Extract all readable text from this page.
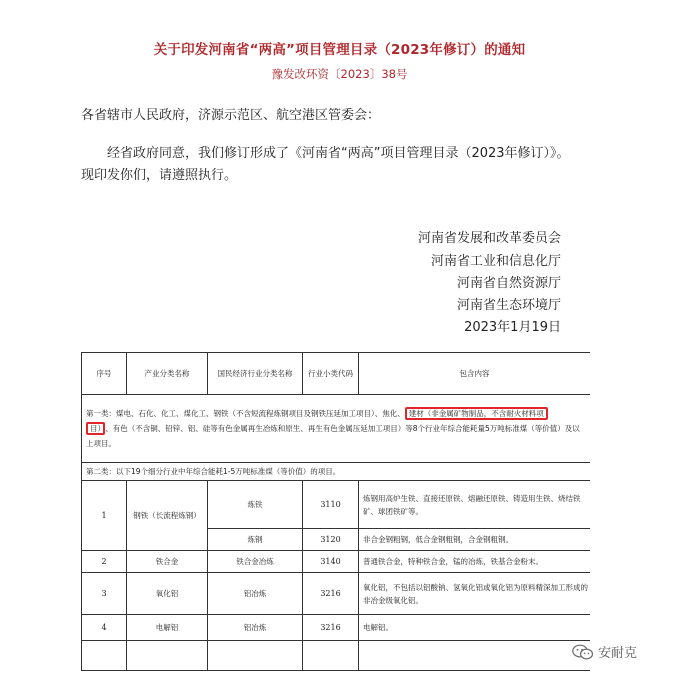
关于印发河南省“两高”项目管理目录（2023年修订）的通知
豫发改环资〔2023〕38号
各省辖市人民政府，济源示范区、航空港区管委会：
经省政府同意，我们修订形成了《河南省“两高”项目管理目录（2023年修订）》。现印发你们，请遵照执行。
河南省发展和改革委员会
河南省工业和信息化厅
河南省自然资源厅
河南省生态环境厅
2023年1月19日
序号	产业分类名称	国民经济行业分类名称	行业小类代码	包含内容
第一类：煤电、石化、化工、煤化工、钢铁（不含短流程炼钢项目及钢铁压延加工项目）、焦化、 建材（非金属矿物制品，不含耐火材料项
目） 、有色（不含铜、铅锌、铝、硅等有色金属再生冶炼和原生、再生有色金属压延加工项目）等8个行业年综合能耗量5万吨标准煤（等价值）及以上项目。				
第二类：以下19个细分行业中年综合能耗1-5万吨标准煤（等价值）的项目。				
1	钢铁（长流程炼钢）	炼铁	3110	炼钢用高炉生铁、直接还原铁、熔融还原铁、铸造用生铁、烧结铁矿、球团铁矿等。
		炼钢	3120	非合金钢粗钢，低合金钢粗钢，合金钢粗钢。
2	铁合金	铁合金冶炼	3140	普通铁合金，特种铁合金，锰的冶炼，铁基合金粉末。
3	氧化铝	铝冶炼	3216	氧化铝，不包括以铝酸钠、氢氧化铝或氧化铝为原料精深加工形成的非冶金级氧化铝。
4	电解铝	铝冶炼	3216	电解铝。

安耐克
